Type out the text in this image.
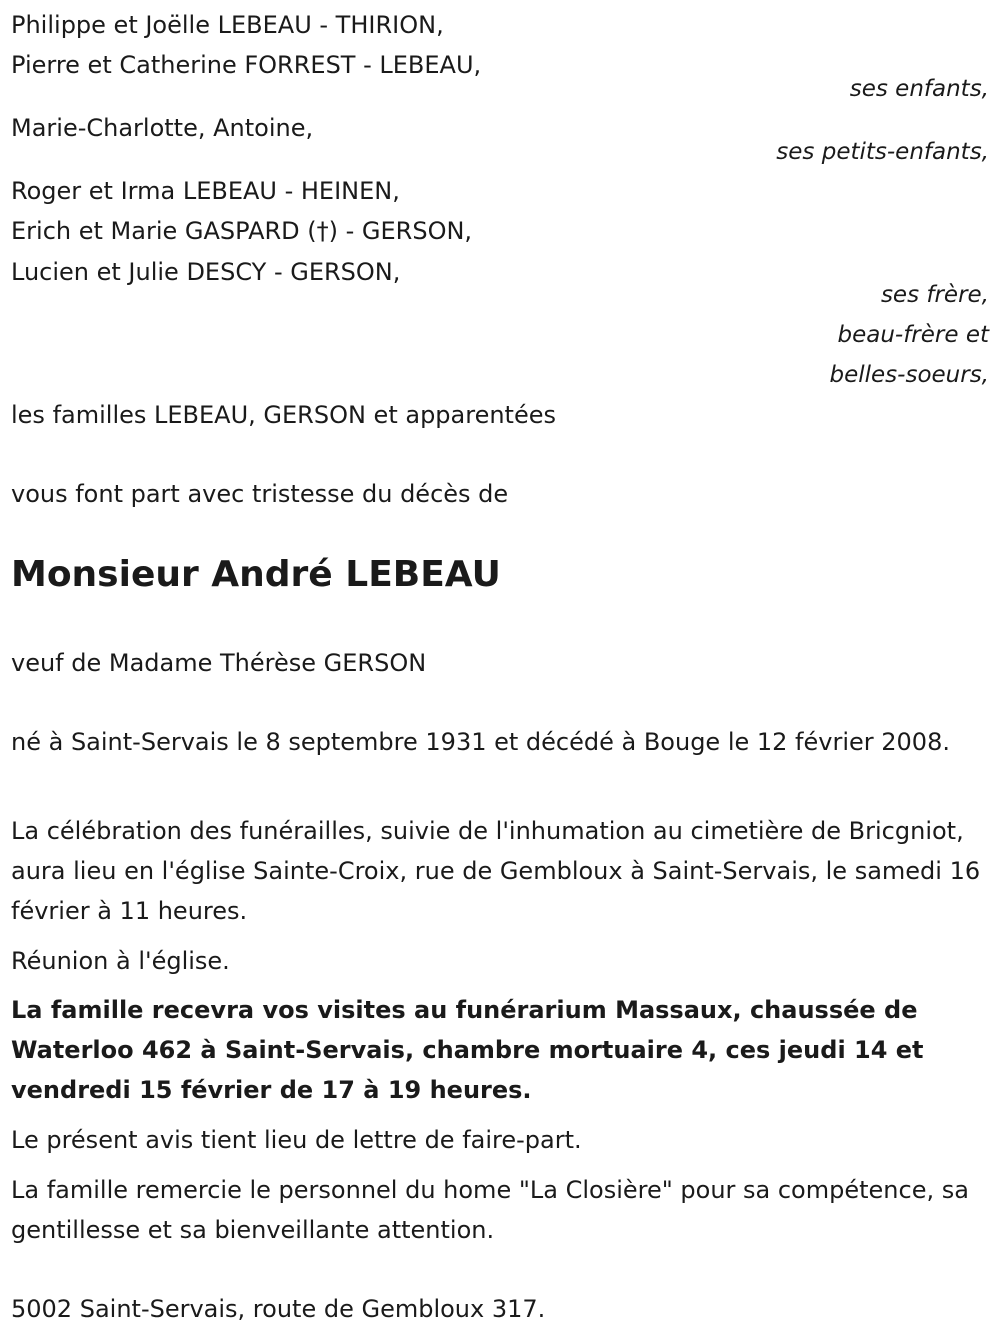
Philippe et Joëlle LEBEAU - THIRION,
Pierre et Catherine FORREST - LEBEAU,
ses enfants,
Marie-Charlotte, Antoine,
ses petits-enfants,
Roger et Irma LEBEAU - HEINEN,
Erich et Marie GASPARD (†) - GERSON,
Lucien et Julie DESCY - GERSON,
ses frère,
beau-frère et
belles-soeurs,
les familles LEBEAU, GERSON et apparentées
vous font part avec tristesse du décès de
Monsieur André LEBEAU
veuf de Madame Thérèse GERSON
né à Saint-Servais le 8 septembre 1931 et décédé à Bouge le 12 février 2008.
La célébration des funérailles, suivie de l'inhumation au cimetière de Bricgniot, aura lieu en l'église Sainte-Croix, rue de Gembloux à Saint-Servais, le samedi 16 février à 11 heures.
Réunion à l'église.
La famille recevra vos visites au funérarium Massaux, chaussée de Waterloo 462 à Saint-Servais, chambre mortuaire 4, ces jeudi 14 et vendredi 15 février de 17 à 19 heures.
Le présent avis tient lieu de lettre de faire-part.
La famille remercie le personnel du home "La Closière" pour sa compétence, sa gentillesse et sa bienveillante attention.
5002 Saint-Servais, route de Gembloux 317.
